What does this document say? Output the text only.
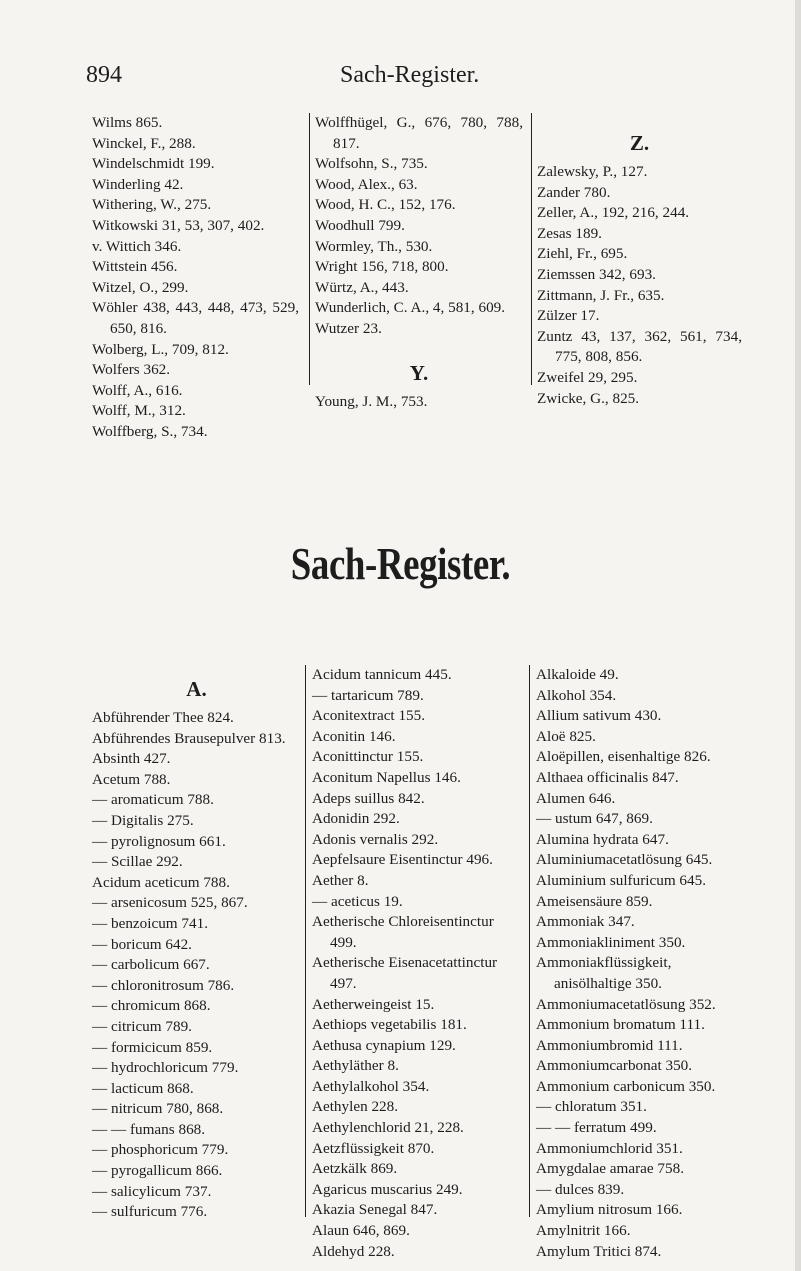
894	Sach-Register.

Wilms 865.

Winckel, F., 288.

Windelschmidt 199.

Winderling 42.

Withering, W., 275.

Witkowski 31, 53, 307, 402.

v. Wittich 346.

Wittstein 456.

Witzel, O., 299.

Wöhler 438, 443, 448, 473, 529, 650, 816.

Wolberg, L., 709, 812.

Wolfers 362.

Wolff, A., 616.

Wolff, M., 312.

Wolffberg, S., 734.

Wolffhügel, G., 676, 780, 788, 817.

Wolfsohn, S., 735.

Wood, Alex., 63.

Wood, H. C., 152, 176.

Woodhull 799.

Wormley, Th., 530.

Wright 156, 718, 800.

Würtz, A., 443.

Wunderlich, C. A., 4, 581, 609.

Wutzer 23.

Y.

Young, J. M., 753.

Z.

Zalewsky, P., 127.

Zander 780.

Zeller, A., 192, 216, 244.

Zesas 189.

Ziehl, Fr., 695.

Ziemssen 342, 693.

Zittmann, J. Fr., 635.

Zülzer 17.

Zuntz 43, 137, 362, 561, 734, 775, 808, 856.

Zweifel 29, 295.

Zwicke, G., 825.

Sach-Register.
A.

Abführender Thee 824.

Abführendes Brausepulver 813.

Absinth 427.

Acetum 788.

— aromaticum 788.

— Digitalis 275.

— pyrolignosum 661.

— Scillae 292.

Acidum aceticum 788.

— arsenicosum 525, 867.

— benzoicum 741.

— boricum 642.

— carbolicum 667.

— chloronitrosum 786.

— chromicum 868.

— citricum 789.

— formicicum 859.

— hydrochloricum 779.

— lacticum 868.

— nitricum 780, 868.

— — fumans 868.

— phosphoricum 779.

— pyrogallicum 866.

— salicylicum 737.

— sulfuricum 776.

Acidum tannicum 445.

— tartaricum 789.

Aconitextract 155.

Aconitin 146.

Aconittinctur 155.

Aconitum Napellus 146.

Adeps suillus 842.

Adonidin 292.

Adonis vernalis 292.

Aepfelsaure Eisentinctur 496.

Aether 8.

— aceticus 19.

Aetherische Chloreisentinctur 499.

Aetherische Eisenacetattinctur 497.

Aetherweingeist 15.

Aethiops vegetabilis 181.

Aethusa cynapium 129.

Aethyläther 8.

Aethylalkohol 354.

Aethylen 228.

Aethylenchlorid 21, 228.

Aetzflüssigkeit 870.

Aetzkälk 869.

Agaricus muscarius 249.

Akazia Senegal 847.

Alaun 646, 869.

Aldehyd 228.

Alkaloide 49.

Alkohol 354.

Allium sativum 430.

Aloë 825.

Aloëpillen, eisenhaltige 826.

Althaea officinalis 847.

Alumen 646.

— ustum 647, 869.

Alumina hydrata 647.

Aluminiumacetatlösung 645.

Aluminium sulfuricum 645.

Ameisensäure 859.

Ammoniak 347.

Ammoniakliniment 350.

Ammoniakflüssigkeit, anisölhaltige 350.

Ammoniumacetatlösung 352.

Ammonium bromatum 111.

Ammoniumbromid 111.

Ammoniumcarbonat 350.

Ammonium carbonicum 350.

— chloratum 351.

— — ferratum 499.

Ammoniumchlorid 351.

Amygdalae amarae 758.

— dulces 839.

Amylium nitrosum 166.

Amylnitrit 166.

Amylum Tritici 874.
